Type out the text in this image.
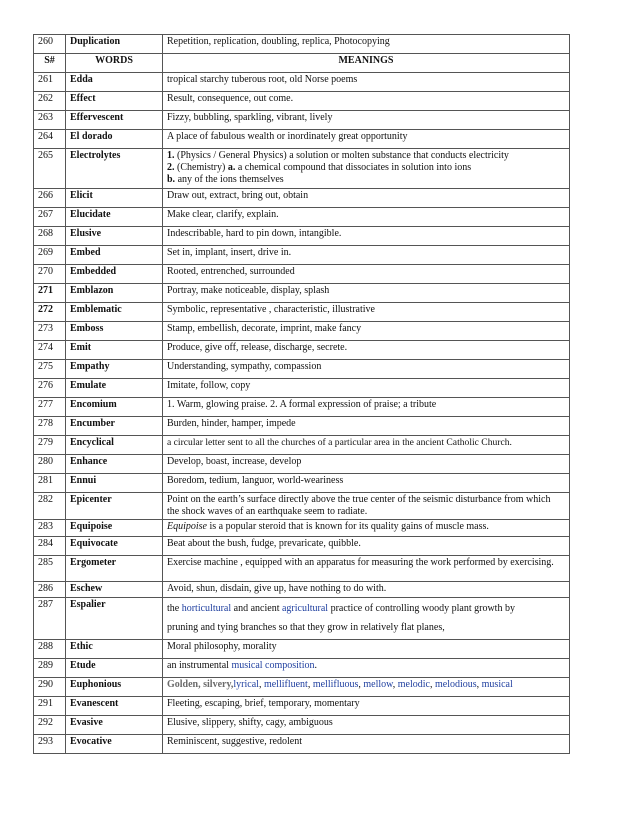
260	Duplication	Repetition, replication, doubling, replica, Photocopying
S#	WORDS	MEANINGS
261	Edda	tropical starchy tuberous root, old Norse poems
262	Effect	Result, consequence, out come.
263	Effervescent	Fizzy, bubbling, sparkling, vibrant, lively
264	El dorado	A place of fabulous wealth or inordinately great opportunity
265	Electrolytes	1. (Physics / General Physics) a solution or molten substance that conducts electricity
2. (Chemistry) a. a chemical compound that dissociates in solution into ions
b. any of the ions themselves

266	Elicit	Draw out, extract, bring out, obtain
267	Elucidate	Make clear, clarify, explain.
268	Elusive	Indescribable, hard to pin down, intangible.
269	Embed	Set in, implant, insert, drive in.
270	Embedded	Rooted, entrenched, surrounded
271	Emblazon	Portray, make noticeable, display, splash
272	Emblematic	Symbolic, representative , characteristic, illustrative
273	Emboss	Stamp, embellish, decorate, imprint, make fancy
274	Emit	Produce, give off, release, discharge, secrete.
275	Empathy	Understanding, sympathy, compassion
276	Emulate	Imitate, follow, copy
277	Encomium	1. Warm, glowing praise. 2. A formal expression of praise; a tribute
278	Encumber	Burden, hinder, hamper, impede
279	Encyclical	a circular letter sent to all the churches of a particular area in the ancient Catholic Church.
280	Enhance	Develop, boast, increase, develop
281	Ennui	Boredom, tedium, languor, world-weariness
282	Epicenter	Point on the earth’s surface directly above the true center of the seismic disturbance from which the shock waves of an earthquake seem to radiate.
283	Equipoise	Equipoise is a popular steroid that is known for its quality gains of muscle mass.
284	Equivocate	Beat about the bush, fudge, prevaricate, quibble.
285	Ergometer	Exercise machine , equipped with an apparatus for measuring the work performed by exercising.
286	Eschew	Avoid, shun, disdain, give up, have nothing to do with.
287	Espalier	the horticultural and ancient agricultural practice of controlling woody plant growth by
pruning and tying branches so that they grow in relatively flat planes,

288	Ethic	Moral philosophy, morality
289	Etude	an instrumental musical composition.
290	Euphonious	Golden, silvery,lyrical, mellifluent, mellifluous, mellow, melodic, melodious, musical
291	Evanescent	Fleeting, escaping, brief, temporary, momentary
292	Evasive	Elusive, slippery, shifty, cagy, ambiguous
293	Evocative	Reminiscent, suggestive, redolent
